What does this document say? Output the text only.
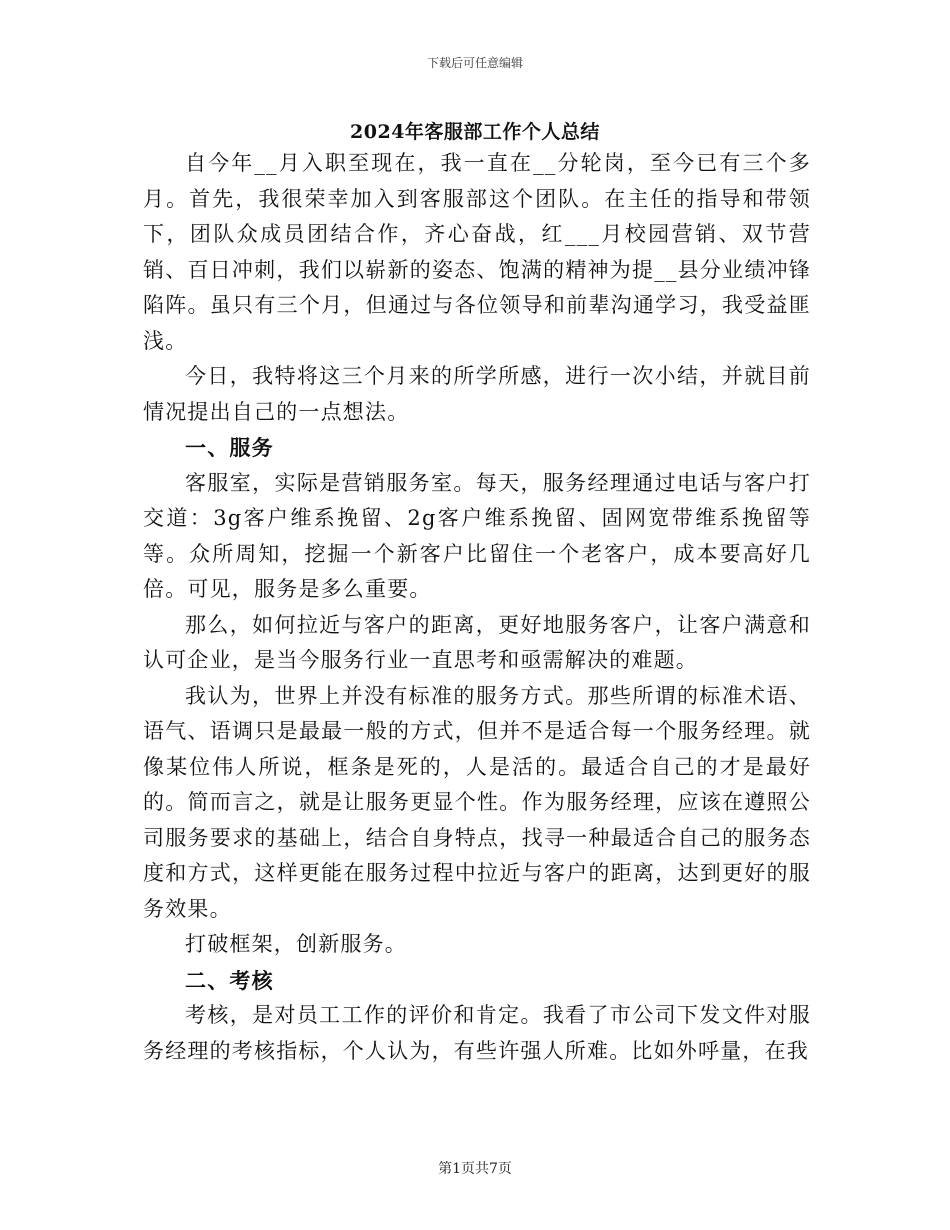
下载后可任意编辑
2024年客服部工作个人总结

自今年__月入职至现在，我一直在__分轮岗，至今已有三个多月。首先，我很荣幸加入到客服部这个团队。在主任的指导和带领下，团队众成员团结合作，齐心奋战，红___月校园营销、双节营销、百日冲刺，我们以崭新的姿态、饱满的精神为提__县分业绩冲锋陷阵。虽只有三个月，但通过与各位领导和前辈沟通学习，我受益匪浅。

今日，我特将这三个月来的所学所感，进行一次小结，并就目前情况提出自己的一点想法。

一、服务

客服室，实际是营销服务室。每天，服务经理通过电话与客户打交道：3g客户维系挽留、2g客户维系挽留、固网宽带维系挽留等等。众所周知，挖掘一个新客户比留住一个老客户，成本要高好几倍。可见，服务是多么重要。

那么，如何拉近与客户的距离，更好地服务客户，让客户满意和认可企业，是当今服务行业一直思考和亟需解决的难题。

我认为，世界上并没有标准的服务方式。那些所谓的标准术语、语气、语调只是最最一般的方式，但并不是适合每一个服务经理。就像某位伟人所说，框条是死的，人是活的。最适合自己的才是最好的。简而言之，就是让服务更显个性。作为服务经理，应该在遵照公司服务要求的基础上，结合自身特点，找寻一种最适合自己的服务态度和方式，这样更能在服务过程中拉近与客户的距离，达到更好的服务效果。

打破框架，创新服务。

二、考核

考核，是对员工工作的评价和肯定。我看了市公司下发文件对服务经理的考核指标，个人认为，有些许强人所难。比如外呼量，在我

第1页共7页
